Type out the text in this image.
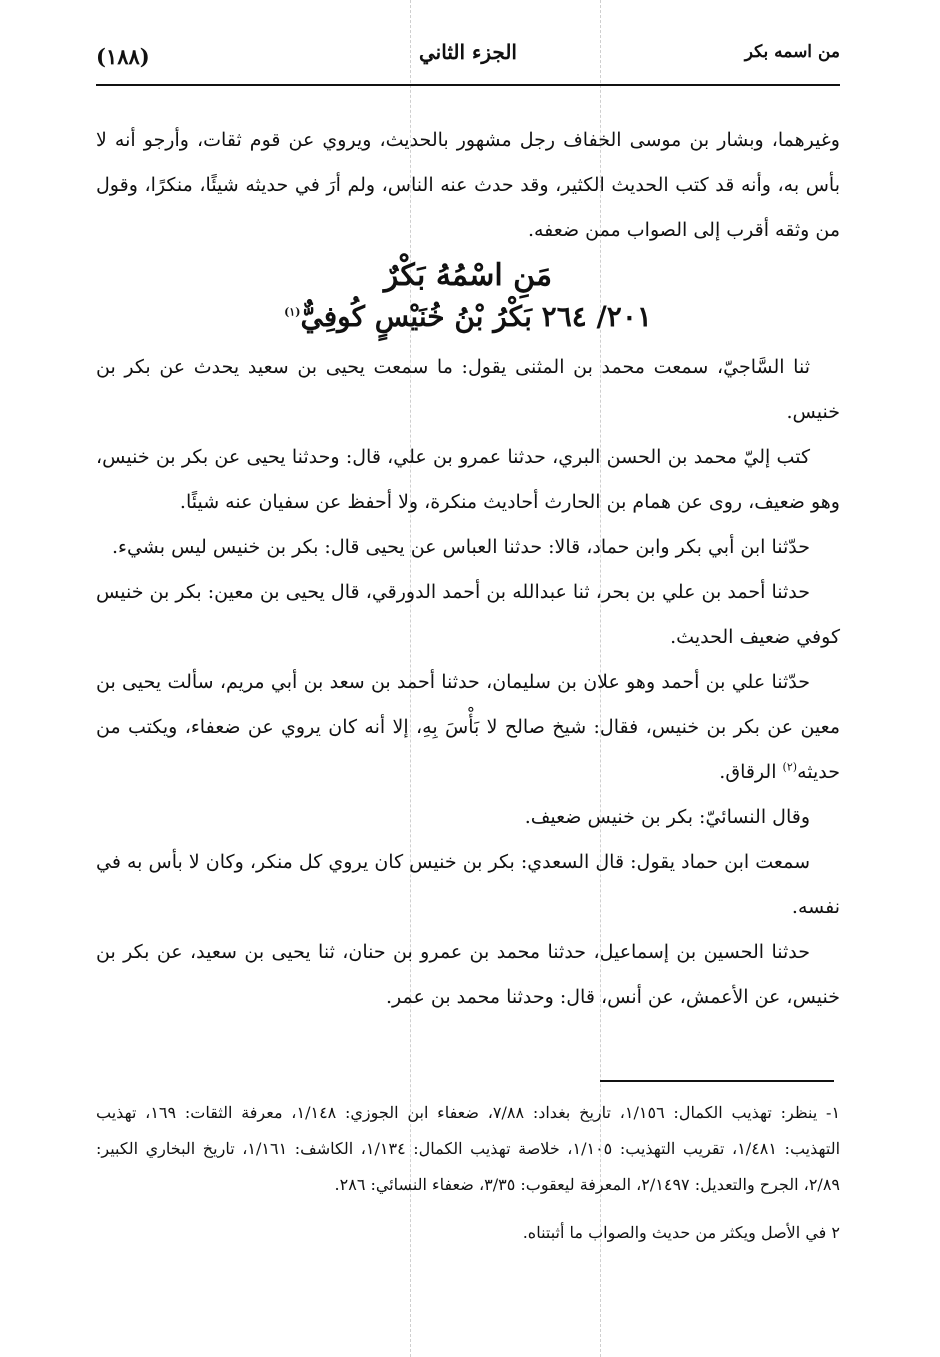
(١٨٨)	الجزء الثاني	من اسمه بكر

وغيرهما، وبشار بن موسى الخفاف رجل مشهور بالحديث، ويروي عن قوم ثقات، وأرجو أنه لا بأس به، وأنه قد كتب الحديث الكثير، وقد حدث عنه الناس، ولم أرَ في حديثه شيئًا، منكرًا، وقول من وثقه أقرب إلى الصواب ممن ضعفه.

مَنِ اسْمُهُ بَكْرٌ

٢٠١/ ٢٦٤ بَكْرُ بْنُ خُنَيْسٍ كُوفِيٌّ$^{(١)}$

ثنا السَّاجيّ، سمعت محمد بن المثنى يقول: ما سمعت يحيى بن سعيد يحدث عن بكر بن خنيس.

كتب إليّ محمد بن الحسن البري، حدثنا عمرو بن علي، قال: وحدثنا يحيى عن بكر بن خنيس، وهو ضعيف، روى عن همام بن الحارث أحاديث منكرة، ولا أحفظ عن سفيان عنه شيئًا.

حدّثنا ابن أبي بكر وابن حماد، قالا: حدثنا العباس عن يحيى قال: بكر بن خنيس ليس بشيء.

حدثنا أحمد بن علي بن بحر، ثنا عبدالله بن أحمد الدورقي، قال يحيى بن معين: بكر بن خنيس كوفي ضعيف الحديث.

حدّثنا علي بن أحمد وهو علان بن سليمان، حدثنا أحمد بن سعد بن أبي مريم، سألت يحيى بن معين عن بكر بن خنيس، فقال: شيخ صالح لا بَأْسَ بِهِ، إلا أنه كان يروي عن ضعفاء، ويكتب من حديثه$^{(٢)}$ الرقاق.

وقال النسائيّ: بكر بن خنيس ضعيف.

سمعت ابن حماد يقول: قال السعدي: بكر بن خنيس كان يروي كل منكر، وكان لا بأس به في نفسه.

حدثنا الحسين بن إسماعيل، حدثنا محمد بن عمرو بن حنان، ثنا يحيى بن سعيد، عن بكر بن خنيس، عن الأعمش، عن أنس، قال: وحدثنا محمد بن عمر.

١- ينظر: تهذيب الكمال: ١/١٥٦، تاريخ بغداد: ٧/٨٨، ضعفاء ابن الجوزي: ١/١٤٨، معرفة الثقات: ١٦٩، تهذيب التهذيب: ١/٤٨١، تقريب التهذيب: ١/١٠٥، خلاصة تهذيب الكمال: ١/١٣٤، الكاشف: ١/١٦١، تاريخ البخاري الكبير: ٢/٨٩، الجرح والتعديل: ٢/١٤٩٧، المعرفة ليعقوب: ٣/٣٥، ضعفاء النسائي: ٢٨٦.

٢ في الأصل ويكثر من حديث والصواب ما أثبتناه.
